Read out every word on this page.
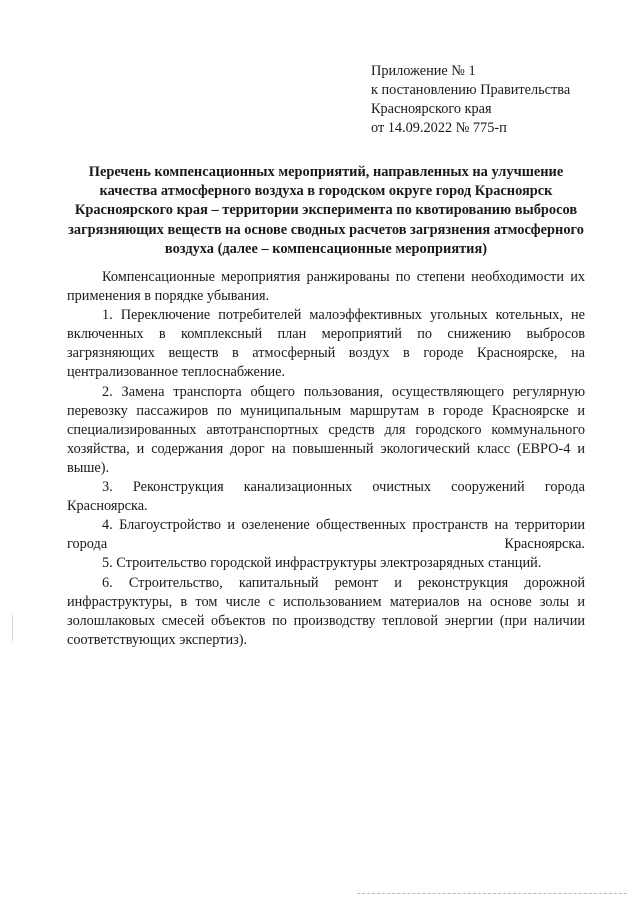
Приложение № 1
к постановлению Правительства
Красноярского края
от 14.09.2022 № 775-п
Перечень компенсационных мероприятий, направленных на улучшение качества атмосферного воздуха в городском округе город Красноярск Красноярского края – территории эксперимента по квотированию выбросов загрязняющих веществ на основе сводных расчетов загрязнения атмосферного воздуха (далее – компенсационные мероприятия)

Компенсационные мероприятия ранжированы по степени необходимости их применения в порядке убывания.

1. Переключение потребителей малоэффективных угольных котельных, не включенных в комплексный план мероприятий по снижению выбросов загрязняющих веществ в атмосферный воздух в городе Красноярске, на централизованное теплоснабжение.

2. Замена транспорта общего пользования, осуществляющего регулярную перевозку пассажиров по муниципальным маршрутам в городе Красноярске и специализированных автотранспортных средств для городского коммунального хозяйства, и содержания дорог на повышенный экологический класс (ЕВРО-4 и выше).

3. Реконструкция канализационных очистных сооружений города Красноярска.

4. Благоустройство и озеленение общественных пространств на территории города Красноярска.

5. Строительство городской инфраструктуры электрозарядных станций.

6. Строительство, капитальный ремонт и реконструкция дорожной инфраструктуры, в том числе с использованием материалов на основе золы и золошлаковых смесей объектов по производству тепловой энергии (при наличии соответствующих экспертиз).
